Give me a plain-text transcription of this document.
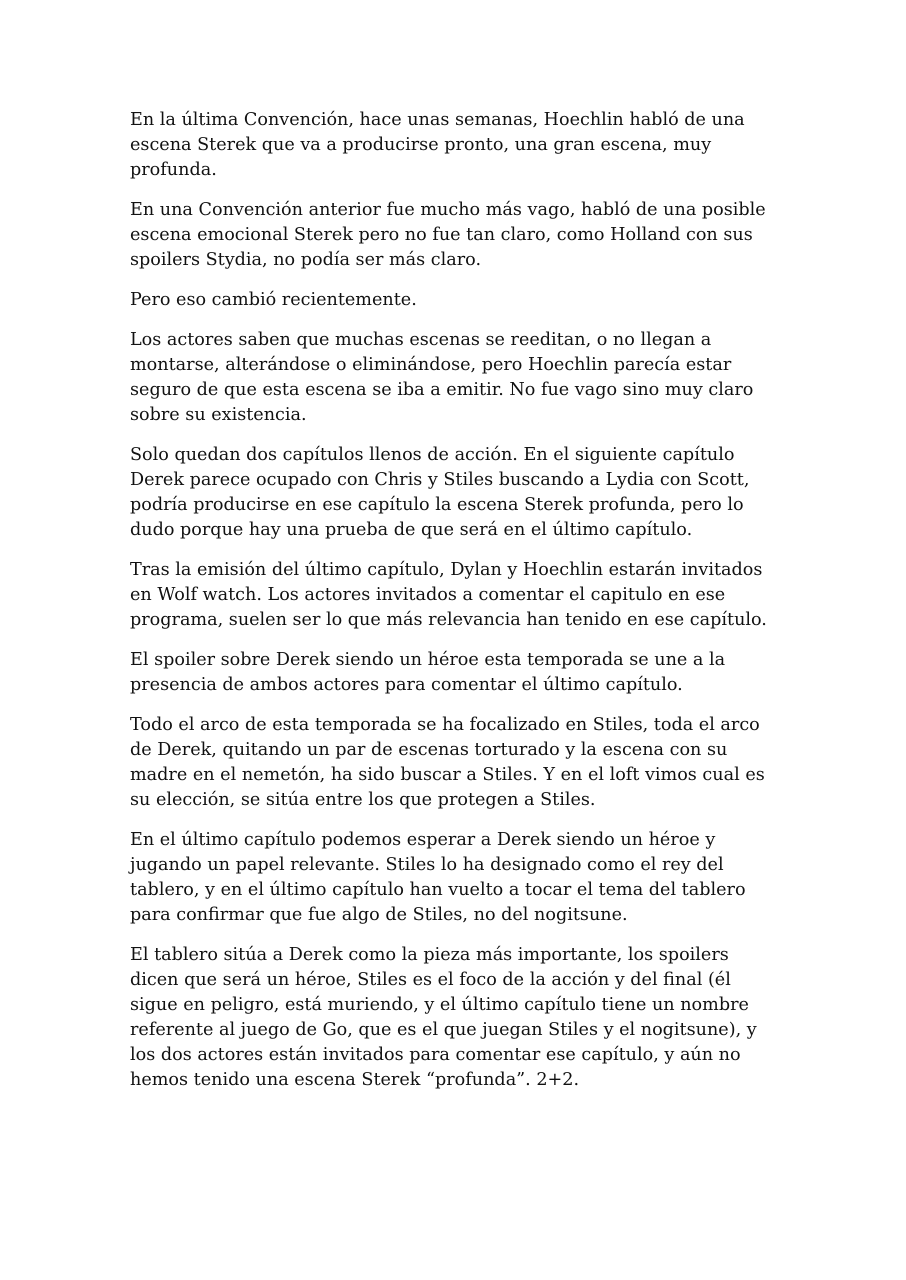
En la última Convención, hace unas semanas, Hoechlin habló de una escena Sterek que va a producirse pronto, una gran escena, muy profunda.

En una Convención anterior fue mucho más vago, habló de una posible escena emocional Sterek pero no fue tan claro, como Holland con sus spoilers Stydia, no podía ser más claro.

Pero eso cambió recientemente.

Los actores saben que muchas escenas se reeditan, o no llegan a montarse, alterándose o eliminándose, pero Hoechlin parecía estar seguro de que esta escena se iba a emitir. No fue vago sino muy claro sobre su existencia.

Solo quedan dos capítulos llenos de acción. En el siguiente capítulo Derek parece ocupado con Chris y Stiles buscando a Lydia con Scott, podría producirse en ese capítulo la escena Sterek profunda, pero lo dudo porque hay una prueba de que será en el último capítulo.

Tras la emisión del último capítulo, Dylan y Hoechlin estarán invitados en Wolf watch. Los actores invitados a comentar el capitulo en ese programa, suelen ser lo que más relevancia han tenido en ese capítulo.

El spoiler sobre Derek siendo un héroe esta temporada se une a la presencia de ambos actores para comentar el último capítulo.

Todo el arco de esta temporada se ha focalizado en Stiles, toda el arco de Derek, quitando un par de escenas torturado y la escena con su madre en el nemetón, ha sido buscar a Stiles. Y en el loft vimos cual es su elección, se sitúa entre los que protegen a Stiles.

En el último capítulo podemos esperar a Derek siendo un héroe y jugando un papel relevante. Stiles lo ha designado como el rey del tablero, y en el último capítulo han vuelto a tocar el tema del tablero para confirmar que fue algo de Stiles, no del nogitsune.

El tablero sitúa a Derek como la pieza más importante, los spoilers dicen que será un héroe, Stiles es el foco de la acción y del final (él sigue en peligro, está muriendo, y el último capítulo tiene un nombre referente al juego de Go, que es el que juegan Stiles y el nogitsune), y los dos actores están invitados para comentar ese capítulo, y aún no hemos tenido una escena Sterek “profunda”. 2+2.
